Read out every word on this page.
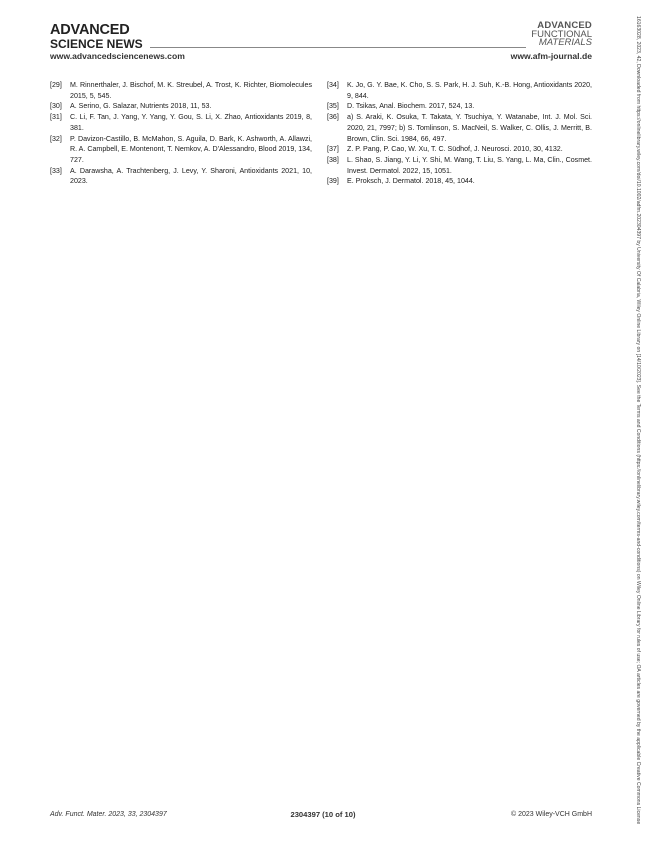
ADVANCED
SCIENCE NEWS
ADVANCED
FUNCTIONAL
MATERIALS
www.advancedsciencenews.com	www.afm-journal.de
[29]	M. Rinnerthaler, J. Bischof, M. K. Streubel, A. Trost, K. Richter, Biomolecules 2015, 5, 545.
[30]	A. Serino, G. Salazar, Nutrients 2018, 11, 53.
[31]	C. Li, F. Tan, J. Yang, Y. Yang, Y. Gou, S. Li, X. Zhao, Antioxidants 2019, 8, 381.
[32]	P. Davizon-Castillo, B. McMahon, S. Aguila, D. Bark, K. Ashworth, A. Allawzi, R. A. Campbell, E. Montenont, T. Nemkov, A. D'Alessandro, Blood 2019, 134, 727.
[33]	A. Darawsha, A. Trachtenberg, J. Levy, Y. Sharoni, Antioxidants 2021, 10, 2023.
[34]	K. Jo, G. Y. Bae, K. Cho, S. S. Park, H. J. Suh, K.-B. Hong, Antioxidants 2020, 9, 844.
[35]	D. Tsikas, Anal. Biochem. 2017, 524, 13.
[36]	a) S. Araki, K. Osuka, T. Takata, Y. Tsuchiya, Y. Watanabe, Int. J. Mol. Sci. 2020, 21, 7997; b) S. Tomlinson, S. MacNeil, S. Walker, C. Ollis, J. Merritt, B. Brown, Clin. Sci. 1984, 66, 497.
[37]	Z. P. Pang, P. Cao, W. Xu, T. C. Südhof, J. Neurosci. 2010, 30, 4132.
[38]	L. Shao, S. Jiang, Y. Li, Y. Shi, M. Wang, T. Liu, S. Yang, L. Ma, Clin., Cosmet. Invest. Dermatol. 2022, 15, 1051.
[39]	E. Proksch, J. Dermatol. 2018, 45, 1044.	16163028, 2023, 42, Downloaded from https://onlinelibrary.wiley.com/doi/10.1002/adfm.202304397 by University Of Calabria, Wiley Online Library on [14/10/2023]. See the Terms and Conditions (https://onlinelibrary.wiley.com/terms-and-conditions) on Wiley Online Library for rules of use; OA articles are governed by the applicable Creative Commons License
Adv. Funct. Mater. 2023, 33, 2304397	2304397 (10 of 10)	© 2023 Wiley-VCH GmbH
